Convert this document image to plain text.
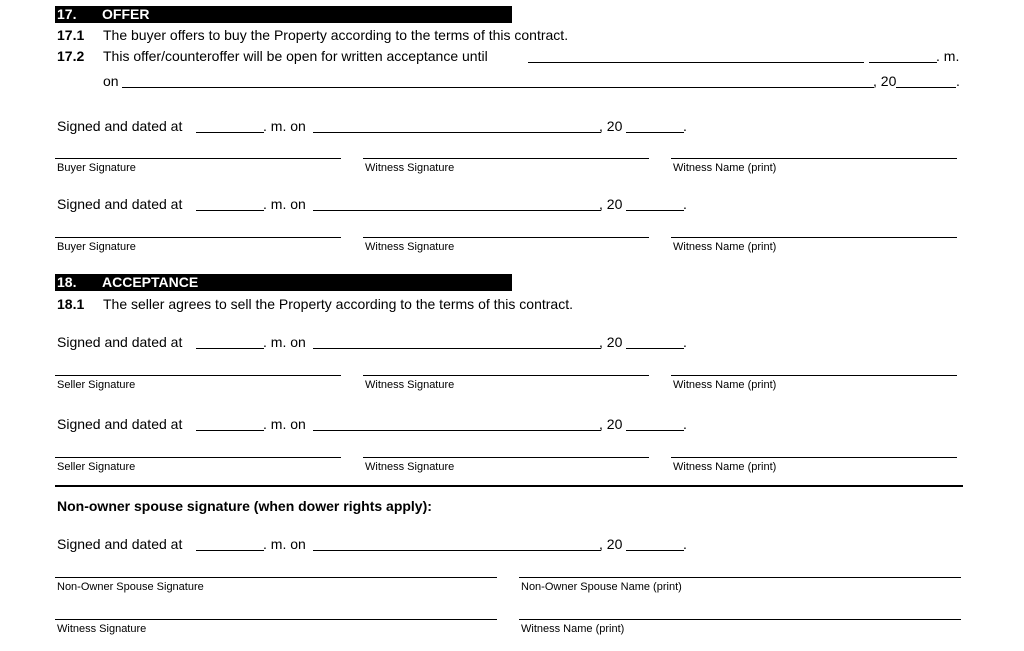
17. OFFER
17.1 The buyer offers to buy the Property according to the terms of this contract.
17.2 This offer/counteroffer will be open for written acceptance until	. m.
on	, 20	.
Signed and dated at	. m. on	, 20	.
Buyer Signature	Witness Signature	Witness Name (print)
Signed and dated at	. m. on	, 20	.
Buyer Signature	Witness Signature	Witness Name (print)
18. ACCEPTANCE
18.1 The seller agrees to sell the Property according to the terms of this contract.
Signed and dated at	. m. on	, 20	.
Seller Signature	Witness Signature	Witness Name (print)
Signed and dated at	. m. on	, 20	.
Seller Signature	Witness Signature	Witness Name (print)
Non-owner spouse signature (when dower rights apply):
Signed and dated at	. m. on	, 20	.
Non-Owner Spouse Signature	Non-Owner Spouse Name (print)
Witness Signature	Witness Name (print)
